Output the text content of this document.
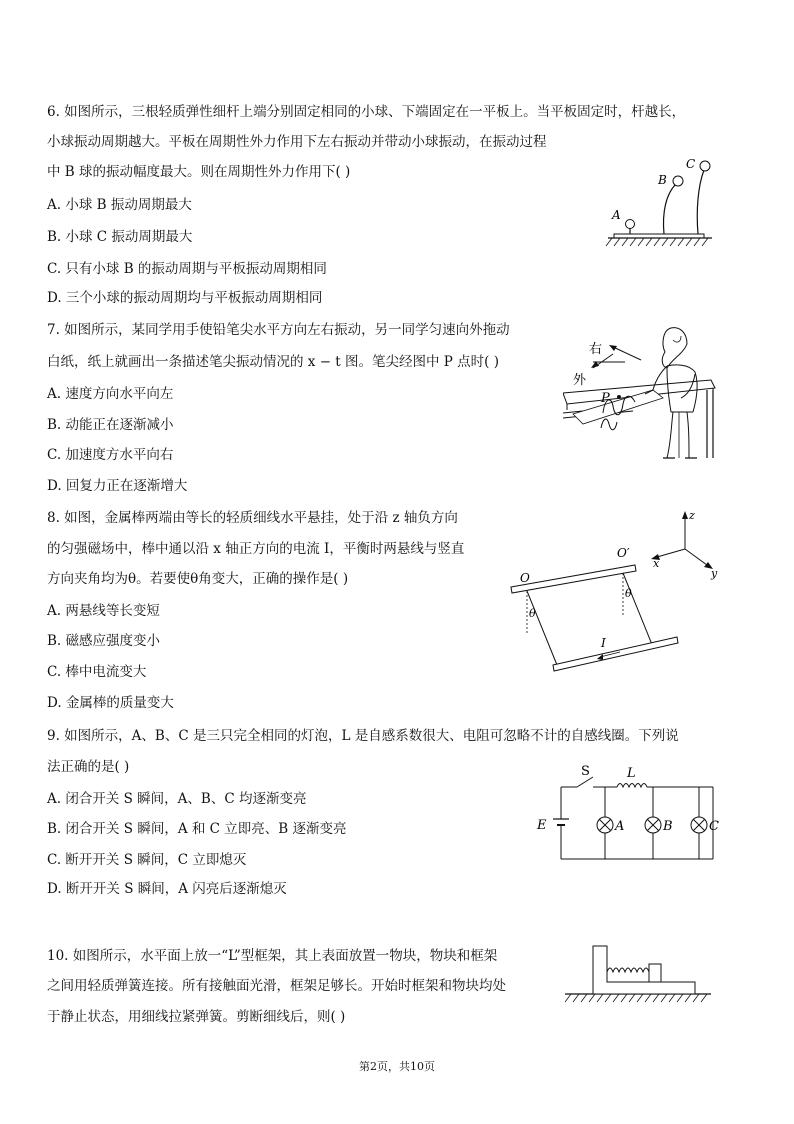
6. 如图所示，三根轻质弹性细杆上端分别固定相同的小球、下端固定在一平板上。当平板固定时，杆越长，
小球振动周期越大。平板在周期性外力作用下左右振动并带动小球振动，在振动过程
中 B 球的振动幅度最大。则在周期性外力作用下( )
A. 小球 B 振动周期最大
B. 小球 C 振动周期最大
C. 只有小球 B 的振动周期与平板振动周期相同
D. 三个小球的振动周期均与平板振动周期相同
A
B
C
7. 如图所示，某同学用手使铅笔尖水平方向左右振动，另一同学匀速向外拖动
白纸，纸上就画出一条描述笔尖振动情况的 x − t 图。笔尖经图中 P 点时( )
A. 速度方向水平向左
B. 动能正在逐渐减小
C. 加速度方水平向右
D. 回复力正在逐渐增大
右
外
P
8. 如图，金属棒两端由等长的轻质细线水平悬挂，处于沿 z 轴负方向
的匀强磁场中，棒中通以沿 x 轴正方向的电流 I，平衡时两悬线与竖直
方向夹角均为θ。若要使θ角变大，正确的操作是( )
A. 两悬线等长变短
B. 磁感应强度变小
C. 棒中电流变大
D. 金属棒的质量变大
z
x
y
O
O′
θ
θ
I
9. 如图所示，A、B、C 是三只完全相同的灯泡，L 是自感系数很大、电阻可忽略不计的自感线圈。下列说
法正确的是( )
A. 闭合开关 S 瞬间，A、B、C 均逐渐变亮
B. 闭合开关 S 瞬间，A 和 C 立即亮、B 逐渐变亮
C. 断开开关 S 瞬间，C 立即熄灭
D. 断开开关 S 瞬间，A 闪亮后逐渐熄灭
S	L
E	A	B	C
10. 如图所示，水平面上放一“L”型框架，其上表面放置一物块，物块和框架
之间用轻质弹簧连接。所有接触面光滑，框架足够长。开始时框架和物块均处
于静止状态，用细线拉紧弹簧。剪断细线后，则( )
第2页，共10页
